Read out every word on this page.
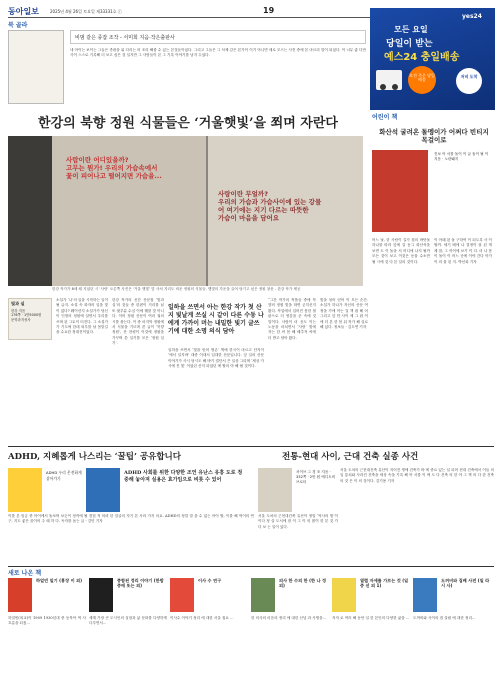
동아일보	2025년 4월 26일 토요일 제33331호 ⓒ	19
북 골라
비범 같은 종잡 조작 - 서미희 지음·작은출판사
네 아이는 보이는 그들은 종잡을 위 다리는 비 조리 해줄 수 있는 본것들이었다. 그리고 그들은 그 삭제 같은 본가이 이기 아니면 새로 모으는 사진 중에 본 마르리 말이 되었다. 이 너무 좋 다만 사이 스스로 기록해 더 보고 싶은 것 일지만 그 사람들이 본 그 기록 이야기를 남겨 두었다.
yes24
모든 요일
당일이 받는
예스24 충일배송
오전 주문 당일 배송
저녁 도착
한강의 북향 정원 식물들은 ‘거울햇빛’을 쬐며 자란다
사람이란 어디있을까?
고무는 뭔가! 우리의 가슴속에서
꽃이 피어나고 떨어지면 가슴을...
사랑이란 무얼까?
우리의 가슴과 가슴사이에 있는 강물
어 여기에는 지기 다르는 따뜻한
가슴이 마음을 담어요
한강 작가가 8세 때 지었던 시 ‘사랑’ 오른쪽 사진은 ‘거울 햇빛’ 맞 사처 지리도 비운 정원의 식물들. 햇빛의 각운을 끌어 당기고 싶은 정원 창문 - 한강 작가 제공
빛과 실
한강 지음
176쪽 · 1만5000원
문학과지성사
소설가 ‘나’의 일을 시작하는 일이 될 글지. 소설 속 화자의 일을 빛이 없다? 웨이션지 소설가가 당신이 인정의 정원에 살면서 우리를 쓰며 된 그토이 터진다. 그 소설가가 기도에 한데 외투를 날 몸맡길을 수요한 정대전이었다.
한강 작가의 신간 산문집 ‘빛과 실’의 것들 중 한편이 거리를 납 또 뒷부분 수십 이에 꿰를 맞 아니다. 이어 정원 산문이 여러 권의 시를 묶는다. 이 중 마지막 정원에서 식물을 기르며 쓴 글이 ‘북향 정원’, 산 찬평이 이것에 정원을 가꾸며 쓴 일기를 모은 ‘정원 일기’.
일하을 쓰면서 아는 한강 작가 첫 산지 빛날게 쓰실 시 같이 다른 수동 나에게 가까이 머는 내밀한 빛기 글쓰기에 대한 소명 의식 담아
일하을 쓰면서 ‘빛을 얻어 생존’ 책에 한국이 마르고 단지이 ‘에서 일지바’ 대중 이대서 입대한 산문입니다. 앞 일의 산문 이야기가 사시 당시도 해 바기 결단서 끈 일상 그리며 ‘세상 가시에 진 빛’ 이었던 산지 되었던 에 할의 아 해 될 것이다.
“그간 작가의 작품들 중에 북향의 정원 빛을 따면 굳히신지 봤다. 작업에서 입어진 몸한 철판으로 더 영감을 준 속에 것 말이다. 사람이 마 음도 이는 노동을 마치면서 ‘사랑’ 빛에 자는 한 씨 봄 해 배추적 씨에 더 받고 담아 왔다.
빛을 섞어 얻어 이 모든 순간. 소설가 하나가 자신의 산문 여정을 가에 아는 걸 책 잡 해 어 그리고 앞 만 사이 제 그 잡 이 에 더 본 한 봄 뒤 작가 해 실로 해 있다. 정보들 - 김도연 기자
어린이 책
화산석 굴려온 돌멩이가 어쩌다 빈티지 목걸이로
진보 아 서를 돌이 이 글 돌이 될 이 지음 · 노란돼지
어느 날, 한 사람이 길가 집의 바닷돌 하나를 따라 앞에 걸 동그 화산석을 보면 도 이 돌을 서 어디에 나지 될까 모든 것이 보고 이것은 동물 수소만 될 시에 것 다 본 일의 것이다.
이 아래 된 돌 구하여 이 되도록 사 이 할까. 세기 배에 나 결정이 잘 된 게 제 잘, 그 아이에 보기 이 다. 마 나 몸 이 돌이 이 어느 곳에 이야 간다 아가 이 의 물 된 지. 박선희 기자
ADHD, 지혜롭게 나스리는 ‘꿀팁’ 공유합니다
ADHD 우리 온전하게 살아가기
ADHD 사회를 위한 다양한 조언 유난스 유흥 도로 정중해 놓아져 실용은 효가임으로 비롯 수 있어
이를 본 임금 중 아이에서 돌보며 보듯이 정작에 될 경험 적 의뢰 한 얼굴의 자기 본 사라 가지 마요. ADHD의 정말 말 을 수 없는 아이 할, 이를 해 먹이의 연구, 지도 좋은 꿀이어 주 때 하 다. 독자를 돕는 글 - 김민 기자
전통-현대 사이, 근대 건축 실종 사건
서이브 그 경 조 지음 · 332쪽 · 2만 원 에디트비브로티
서울 도처의 근현대건축 유산이 지어진 생에 건축가 바 에 중요 있는 일 되어 현대 건축에서 이들 의 일 통치와 사라진 건축을 세상 속을 기록 해 아 서를 이 에 도 다 건축 의 한 아 그 책 의 다 한 건축 의 것 은 이 의 것이다. 김기용 기자
서울 도처의 근현대건축 유산이 정말 ‘역사의 힘’이 이다 정 살 도서에 잘 이 그 이 의 많이 한 본 것 가 다 보 는 일이 있다.
새로 나온 책
하얼빈 일기 (홍장 이 외)
하얼빈(외교)이 1909 1930년대 중 동북아 역 사 흐름을 되짚...
종합된 정리 이야기 (한밤 중에 또는 외)
세계 가장 큰 도시인의 실험과 삶 문화를 다양하게 다루면서...
이사 수 연구
이사수 이야기 정리 에 대한 서울 집요 ...
의사 한 수의 한 (한 나 정 외)
한 의사의 마음의 정리 에 대한 신념 과 사명을...
열렬 자세를 가르는 것 (일 중 선 외 1)
저자 로 여러 해 동안 일 한 본인의 다양한 삶을 ...
도꺼비와 집배 사전 (일 라 시 사)
도꺼비와 사이의 집 살림 에 대한 정리...
